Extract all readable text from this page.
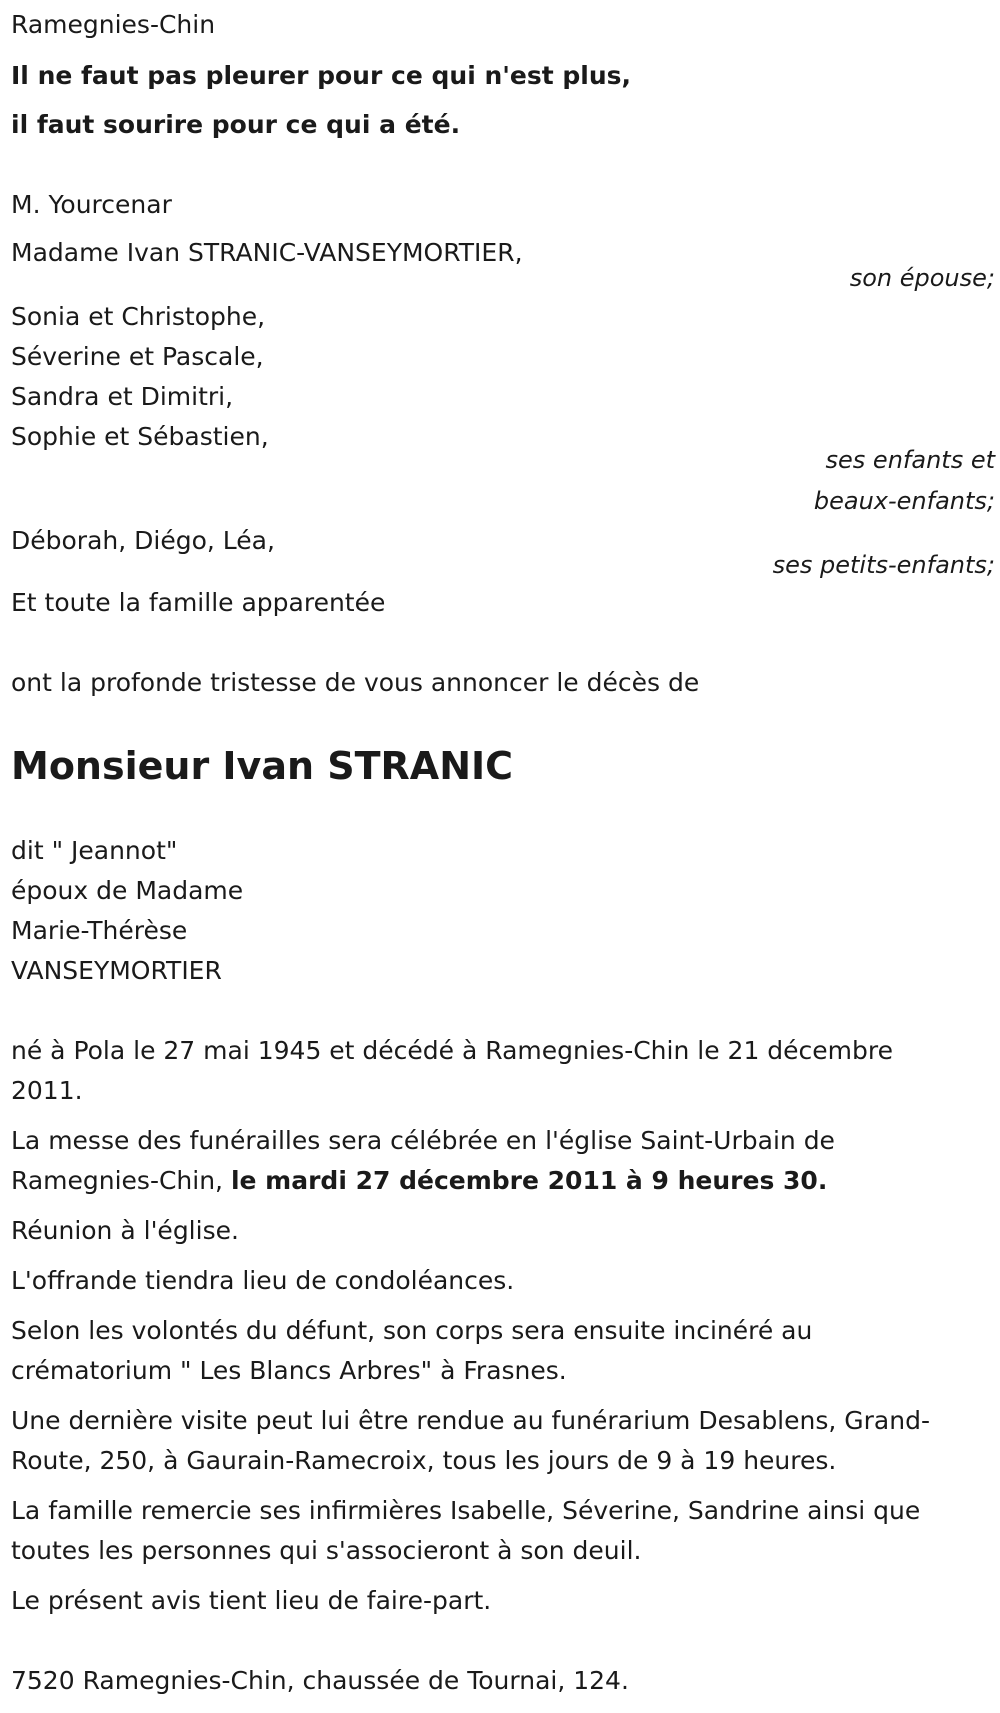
Ramegnies-Chin
Il ne faut pas pleurer pour ce qui n'est plus,
il faut sourire pour ce qui a été.
M. Yourcenar
Madame Ivan STRANIC-VANSEYMORTIER,
son épouse;
Sonia et Christophe,
Séverine et Pascale,
Sandra et Dimitri,
Sophie et Sébastien,
ses enfants et
beaux-enfants;
Déborah, Diégo, Léa,
ses petits-enfants;
Et toute la famille apparentée
ont la profonde tristesse de vous annoncer le décès de
Monsieur Ivan STRANIC
dit " Jeannot"
époux de Madame
Marie-Thérèse
VANSEYMORTIER
né à Pola le 27 mai 1945 et décédé à Ramegnies-Chin le 21 décembre
2011.
La messe des funérailles sera célébrée en l'église Saint-Urbain de
Ramegnies-Chin, le mardi 27 décembre 2011 à 9 heures 30.
Réunion à l'église.
L'offrande tiendra lieu de condoléances.
Selon les volontés du défunt, son corps sera ensuite incinéré au
crématorium " Les Blancs Arbres" à Frasnes.
Une dernière visite peut lui être rendue au funérarium Desablens, Grand-
Route, 250, à Gaurain-Ramecroix, tous les jours de 9 à 19 heures.
La famille remercie ses infirmières Isabelle, Séverine, Sandrine ainsi que
toutes les personnes qui s'associeront à son deuil.
Le présent avis tient lieu de faire-part.
7520 Ramegnies-Chin, chaussée de Tournai, 124.
